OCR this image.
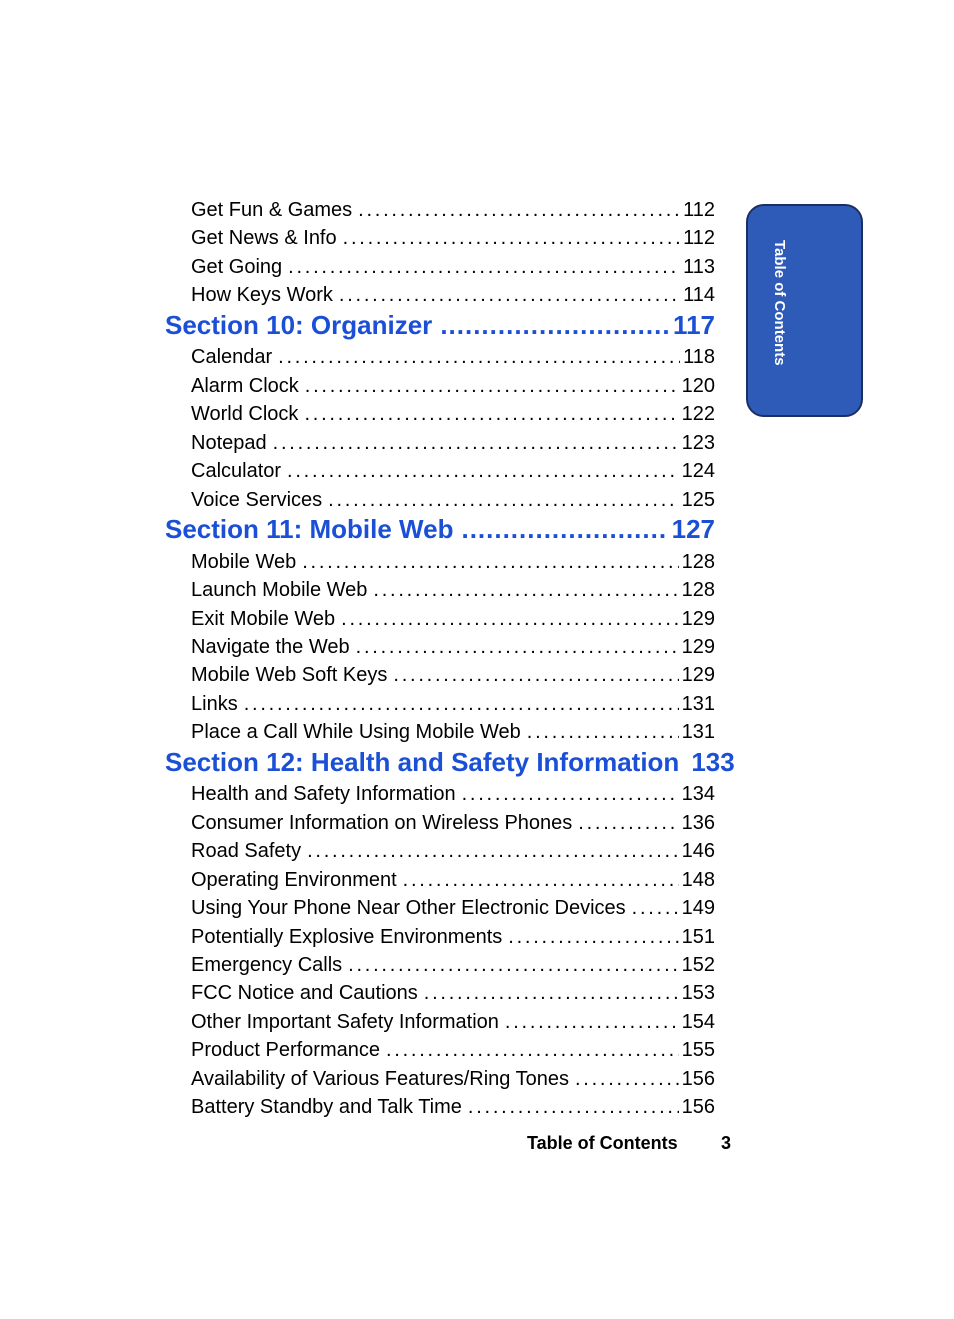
Get Fun & Games . . .	112
Get News & Info . . .	112
Get Going . . .	113
How Keys Work . . .	114
Section 10: Organizer .....	117
Calendar . . .	118
Alarm Clock . . .	120
World Clock . . .	122
Notepad . . .	123
Calculator . . .	124
Voice Services . . .	125
Section 11: Mobile Web .....	127
Mobile Web . . .	128
Launch Mobile Web . . .	128
Exit Mobile Web . . .	129
Navigate the Web . . .	129
Mobile Web Soft Keys . . .	129
Links . . .	131
Place a Call While Using Mobile Web . . .	131
Section 12: Health and Safety Information 133
Health and Safety Information . . .	134
Consumer Information on Wireless Phones . . .	136
Road Safety . . .	146
Operating Environment . . .	148
Using Your Phone Near Other Electronic Devices . . .	149
Potentially Explosive Environments . . .	151
Emergency Calls . . .	152
FCC Notice and Cautions . . .	153
Other Important Safety Information . . .	154
Product Performance . . .	155
Availability of Various Features/Ring Tones . . .	156
Battery Standby and Talk Time . . .	156
Table of Contents 3
Table of Contents
